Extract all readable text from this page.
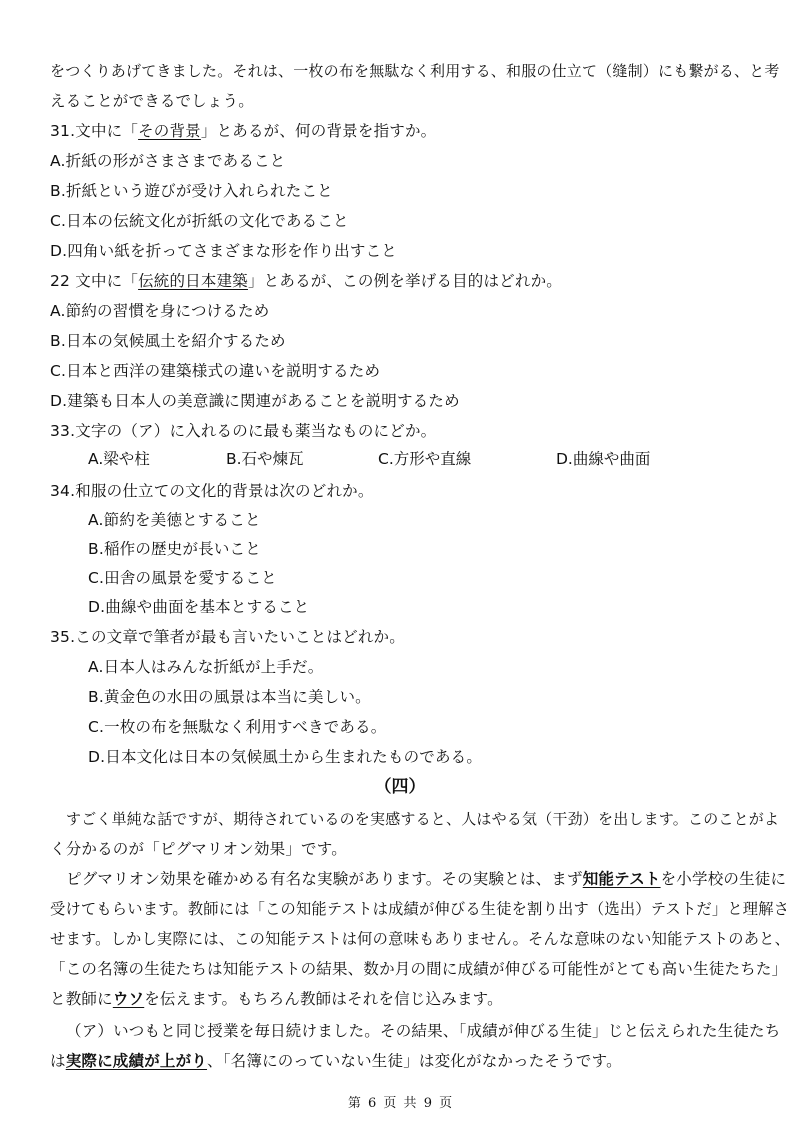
をつくりあげてきました。それは、一枚の布を無駄なく利用する、和服の仕立て（缝制）にも繋がる、と考
えることができるでしょう。
31.文中に「その背景」とあるが、何の背景を指すか。
A.折紙の形がさまさまであること
B.折紙という遊びが受け入れられたこと
C.日本の伝統文化が折紙の文化であること
D.四角い紙を折ってさまざまな形を作り出すこと
22 文中に「伝統的日本建築」とあるが、この例を挙げる目的はどれか。
A.節約の習慣を身につけるため
B.日本の気候風土を紹介するため
C.日本と西洋の建築様式の違いを説明するため
D.建築も日本人の美意識に関連があることを説明するため
33.文字の（ア）に入れるのに最も薬当なものにどか。
A.梁や柱	B.石や煉瓦	C.方形や直線	D.曲線や曲面
34.和服の仕立ての文化的背景は次のどれか。
A.節約を美徳とすること
B.稲作の歴史が長いこと
C.田舎の風景を愛すること
D.曲線や曲面を基本とすること
35.この文章で筆者が最も言いたいことはどれか。
A.日本人はみんな折紙が上手だ。
B.黄金色の水田の風景は本当に美しい。
C.一枚の布を無駄なく利用すべきである。
D.日本文化は日本の気候風土から生まれたものである。
（四）
すごく単純な話ですが、期待されているのを実感すると、人はやる気（干劲）を出します。このことがよ
く分かるのが「ピグマリオン効果」です。
ピグマリオン効果を確かめる有名な実験があります。その実験とは、まず知能テストを小学校の生徒に
受けてもらいます。教師には「この知能テストは成績が伸びる生徒を割り出す（选出）テストだ」と理解さ
せます。しかし実際には、この知能テストは何の意味もありません。そんな意味のない知能テストのあと、
「この名簿の生徒たちは知能テストの結果、数か月の間に成績が伸びる可能性がとても高い生徒たちた」
と教師にウソを伝えます。もちろん教師はそれを信じ込みます。
（ア）いつもと同じ授業を毎日続けました。その結果、「成績が伸びる生徒」じと伝えられた生徒たち
は実際に成績が上がり、「名簿にのっていない生徒」は変化がなかったそうです。
第 6 页 共 9 页
